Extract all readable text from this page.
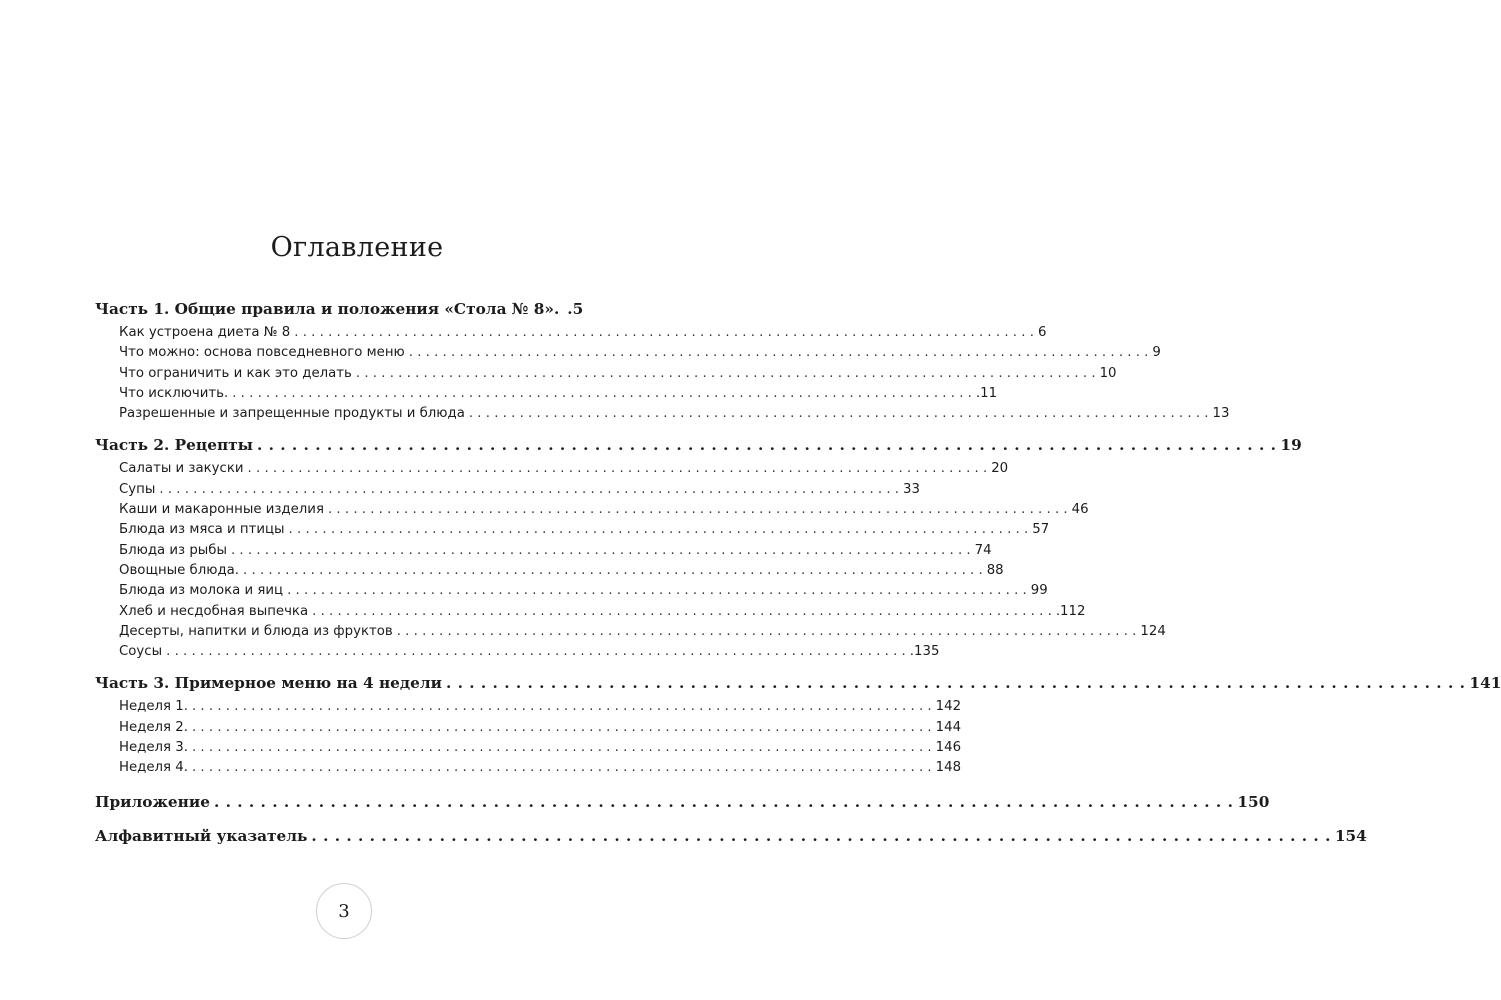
Оглавление
Часть 1. Общие правила и положения «Стола № 8». .5
Как устроена диета № 8 . . .	6
Что можно: основа повседневного меню . . .	9
Что ограничить и как это делать . . .	10
Что исключить. . . .	.11
Разрешенные и запрещенные продукты и блюда . . .	13
Часть 2. Рецепты . . .	19
Салаты и закуски . . .	20
Супы . . .	33
Каши и макаронные изделия . . .	46
Блюда из мяса и птицы . . .	57
Блюда из рыбы . . .	74
Овощные блюда. . . .	88
Блюда из молока и яиц . . .	99
Хлеб и несдобная выпечка . . .	.112
Десерты, напитки и блюда из фруктов . . .	124
Соусы . . .	.135
Часть 3. Примерное меню на 4 недели . . .	141
Неделя 1. . . .	142
Неделя 2. . . .	144
Неделя 3. . . .	146
Неделя 4. . . .	148
Приложение . . .	150
Алфавитный указатель . . .	154
3
